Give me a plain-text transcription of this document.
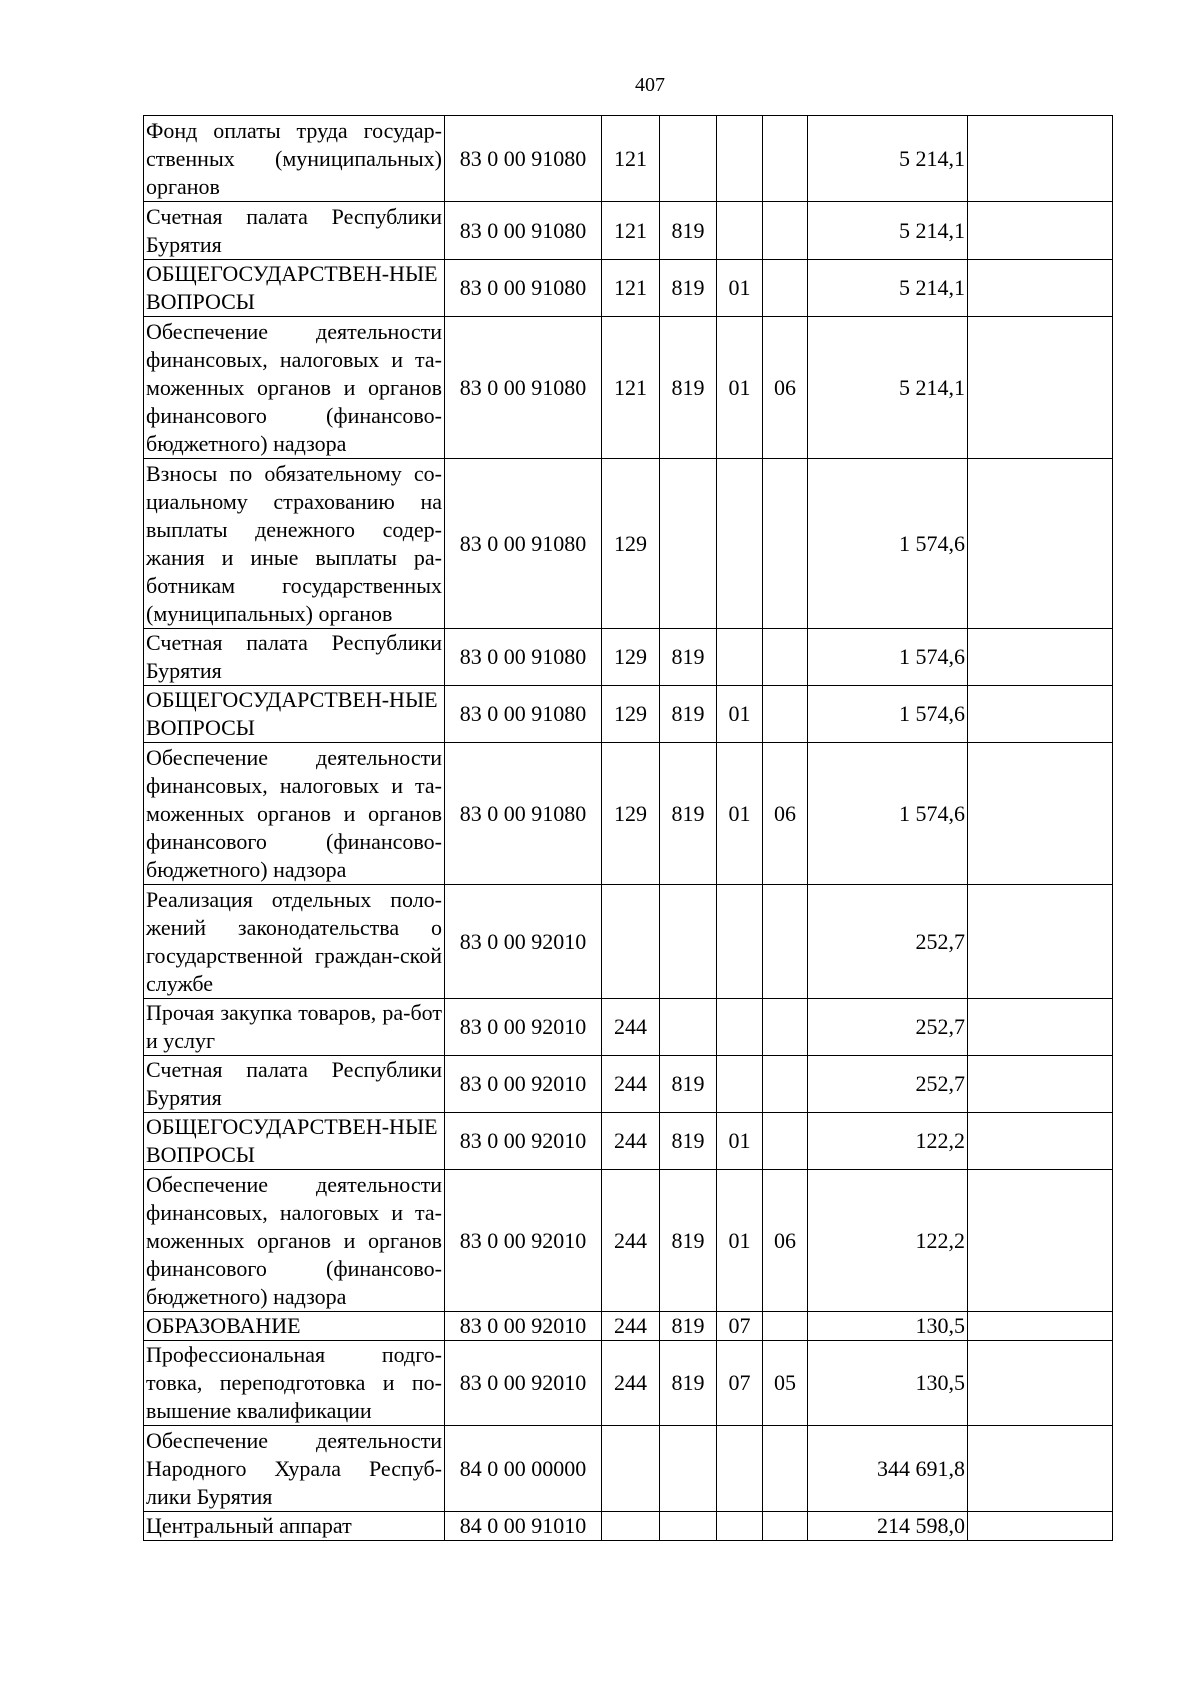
407
Фонд оплаты труда государ-ственных (муниципальных) органов	83 0 00 91080	121				5 214,1	
Счетная палата Республики Бурятия	83 0 00 91080	121	819			5 214,1	
ОБЩЕГОСУДАРСТВЕН-НЫЕ ВОПРОСЫ	83 0 00 91080	121	819	01		5 214,1	
Обеспечение деятельности финансовых, налоговых и та-моженных органов и органов финансового (финансово-бюджетного) надзора	83 0 00 91080	121	819	01	06	5 214,1	
Взносы по обязательному со-циальному страхованию на выплаты денежного содер-жания и иные выплаты ра-ботникам государственных (муниципальных) органов	83 0 00 91080	129				1 574,6	
Счетная палата Республики Бурятия	83 0 00 91080	129	819			1 574,6	
ОБЩЕГОСУДАРСТВЕН-НЫЕ ВОПРОСЫ	83 0 00 91080	129	819	01		1 574,6	
Обеспечение деятельности финансовых, налоговых и та-моженных органов и органов финансового (финансово-бюджетного) надзора	83 0 00 91080	129	819	01	06	1 574,6	
Реализация отдельных поло-жений законодательства о государственной граждан-ской службе	83 0 00 92010					252,7	
Прочая закупка товаров, ра-бот и услуг	83 0 00 92010	244				252,7	
Счетная палата Республики Бурятия	83 0 00 92010	244	819			252,7	
ОБЩЕГОСУДАРСТВЕН-НЫЕ ВОПРОСЫ	83 0 00 92010	244	819	01		122,2	
Обеспечение деятельности финансовых, налоговых и та-моженных органов и органов финансового (финансово-бюджетного) надзора	83 0 00 92010	244	819	01	06	122,2	
ОБРАЗОВАНИЕ	83 0 00 92010	244	819	07		130,5	
Профессиональная подго-товка, переподготовка и по-вышение квалификации	83 0 00 92010	244	819	07	05	130,5	
Обеспечение деятельности Народного Хурала Респуб-лики Бурятия	84 0 00 00000					344 691,8	
Центральный аппарат	84 0 00 91010					214 598,0	
